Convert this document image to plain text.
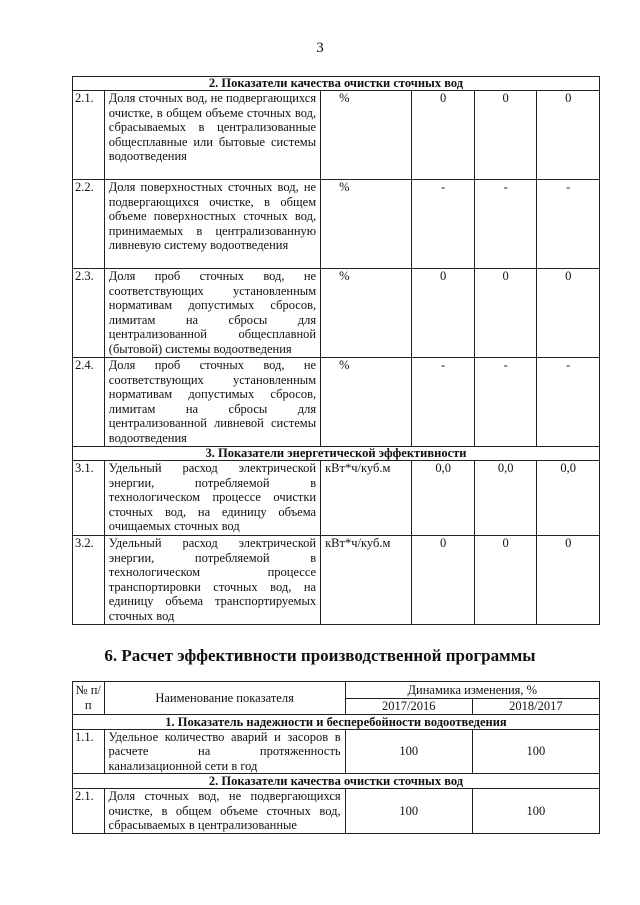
3
2. Показатели качества очистки сточных вод					
2.1.	Доля сточных вод, не подвергающихся очистке, в общем объеме сточных вод, сбрасываемых в централизованные общесплавные или бытовые системы водоотведения	%	0	0	0
2.2.	Доля поверхностных сточных вод, не подвергающихся очистке, в общем объеме поверхностных сточных вод, принимаемых в централизованную ливневую систему водоотведения	%	-	-	-
2.3.	Доля проб сточных вод, не соответствующих установленным нормативам допустимых сбросов, лимитам на сбросы для централизованной общесплавной (бытовой) системы водоотведения	%	0	0	0
2.4.	Доля проб сточных вод, не соответствующих установленным нормативам допустимых сбросов, лимитам на сбросы для централизованной ливневой системы водоотведения	%	-	-	-
3. Показатели энергетической эффективности					
3.1.	Удельный расход электрической энергии, потребляемой в технологическом процессе очистки сточных вод, на единицу объема очищаемых сточных вод	кВт*ч/куб.м	0,0	0,0	0,0
3.2.	Удельный расход электрической энергии, потребляемой в технологическом процессе транспортировки сточных вод, на единицу объема транспортируемых сточных вод	кВт*ч/куб.м	0	0	0
6. Расчет эффективности производственной программы
№ п/п	Наименование показателя	Динамика изменения, %	
		2017/2016	2018/2017
1. Показатель надежности и бесперебойности водоотведения			
1.1.	Удельное количество аварий и засоров в расчете на протяженность канализационной сети в год	100	100
2. Показатели качества очистки сточных вод			
2.1.	Доля сточных вод, не подвергающихся очистке, в общем объеме сточных вод, сбрасываемых в централизованные	100	100
